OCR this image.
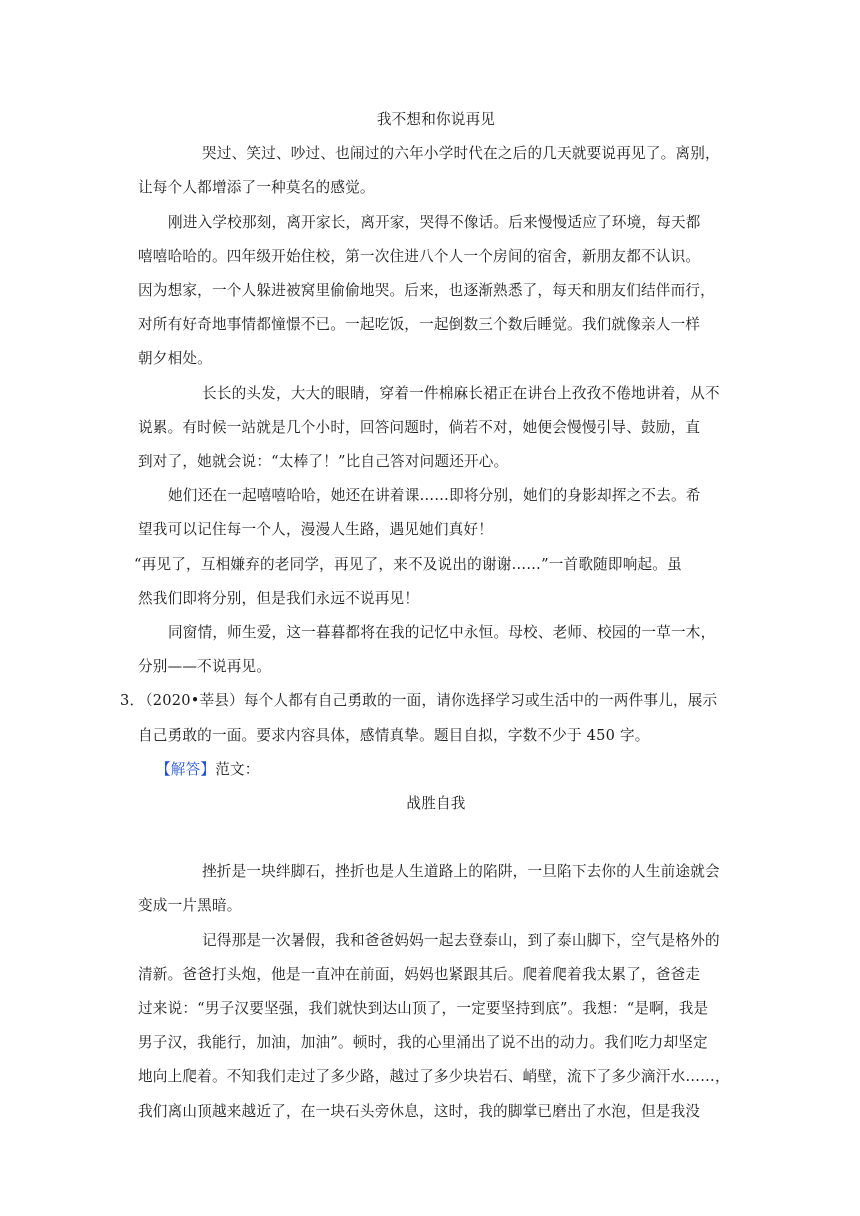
我不想和你说再见

哭过、笑过、吵过、也闹过的六年小学时代在之后的几天就要说再见了。离别，

让每个人都增添了一种莫名的感觉。

刚进入学校那刻，离开家长，离开家，哭得不像话。后来慢慢适应了环境，每天都

嘻嘻哈哈的。四年级开始住校，第一次住进八个人一个房间的宿舍，新朋友都不认识。

因为想家，一个人躲进被窝里偷偷地哭。后来，也逐渐熟悉了，每天和朋友们结伴而行，

对所有好奇地事情都憧憬不已。一起吃饭，一起倒数三个数后睡觉。我们就像亲人一样

朝夕相处。

长长的头发，大大的眼睛，穿着一件棉麻长裙正在讲台上孜孜不倦地讲着，从不

说累。有时候一站就是几个小时，回答问题时，倘若不对，她便会慢慢引导、鼓励，直

到对了，她就会说：“太棒了！”比自己答对问题还开心。

她们还在一起嘻嘻哈哈，她还在讲着课……即将分别，她们的身影却挥之不去。希

望我可以记住每一个人，漫漫人生路，遇见她们真好！

“再见了，互相嫌弃的老同学，再见了，来不及说出的谢谢……”一首歌随即响起。虽

然我们即将分别，但是我们永远不说再见！

同窗情，师生爱，这一暮暮都将在我的记忆中永恒。母校、老师、校园的一草一木，

分别——不说再见。

3．
（2020•莘县）每个人都有自己勇敢的一面，请你选择学习或生活中的一两件事儿，展示

自己勇敢的一面。要求内容具体，感情真挚。题目自拟，字数不少于 450 字。

【解答】范文：

战胜自我

挫折是一块绊脚石，挫折也是人生道路上的陷阱，一旦陷下去你的人生前途就会

变成一片黑暗。

记得那是一次暑假，我和爸爸妈妈一起去登泰山，到了泰山脚下，空气是格外的

清新。爸爸打头炮，他是一直冲在前面，妈妈也紧跟其后。爬着爬着我太累了，爸爸走

过来说：“男子汉要坚强，我们就快到达山顶了，一定要坚持到底”。我想：“是啊，我是

男子汉，我能行，加油，加油”。顿时，我的心里涌出了说不出的动力。我们吃力却坚定

地向上爬着。不知我们走过了多少路，越过了多少块岩石、峭壁，流下了多少滴汗水……，

我们离山顶越来越近了，在一块石头旁休息，这时，我的脚掌已磨出了水泡，但是我没
